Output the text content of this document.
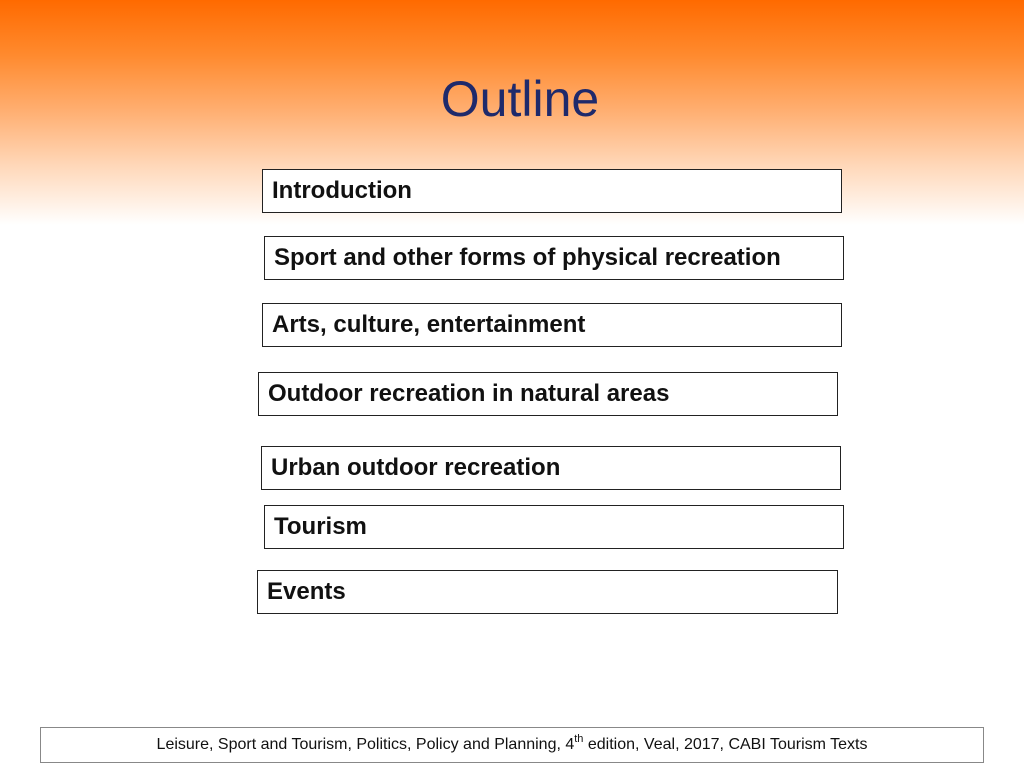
Outline
Introduction
Sport and other forms of physical recreation
Arts, culture, entertainment
Outdoor recreation in natural areas
Urban outdoor recreation
Tourism
Events
Leisure, Sport and Tourism, Politics, Policy and Planning, 4th edition, Veal, 2017, CABI Tourism Texts
